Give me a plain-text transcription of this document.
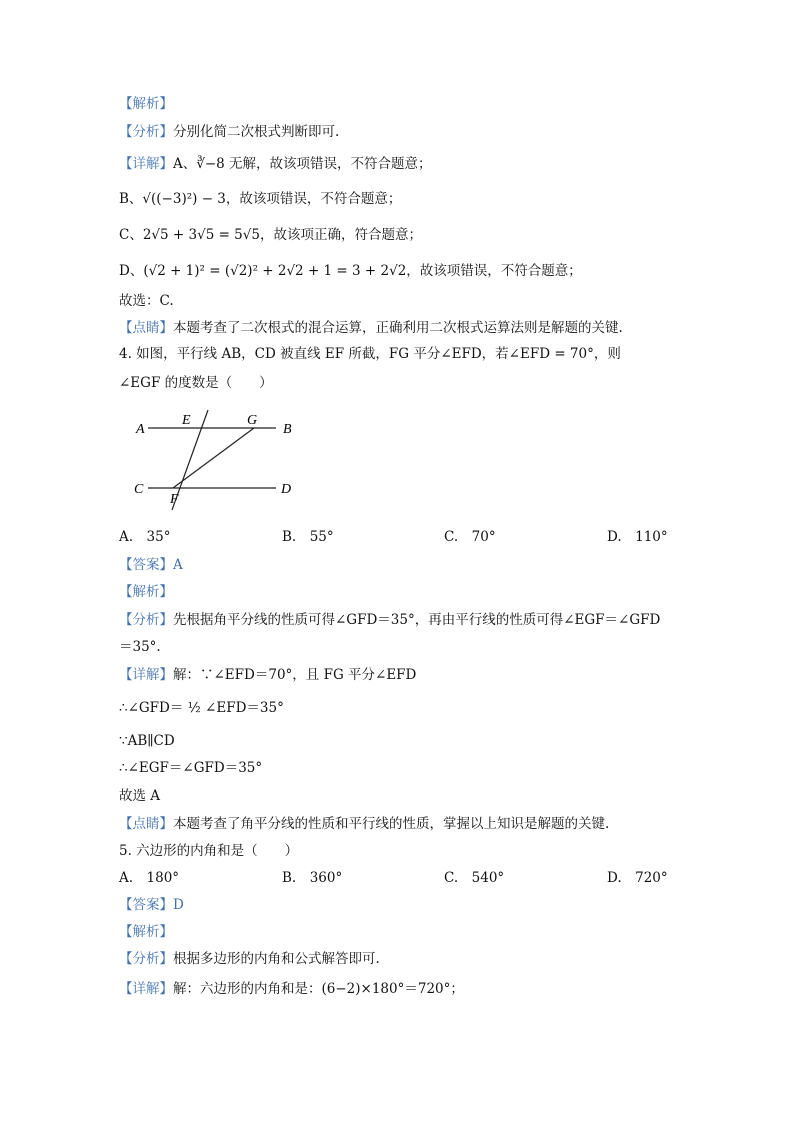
【解析】
【分析】分别化简二次根式判断即可.
【详解】A、∛−8 无解，故该项错误，不符合题意；
B、√((−3)²) − 3，故该项错误，不符合题意；
C、2√5 + 3√5 = 5√5，故该项正确，符合题意；
D、(√2 + 1)² = (√2)² + 2√2 + 1 = 3 + 2√2，故该项错误，不符合题意；
故选：C.
【点睛】本题考查了二次根式的混合运算，正确利用二次根式运算法则是解题的关键.
4. 如图，平行线 AB，CD 被直线 EF 所截，FG 平分∠EFD，若∠EFD = 70°，则
∠EGF 的度数是（　　）
A
E	G
B
C
F
D
A.　35°	B.　55°	C.　70°	D.　110°
【答案】A
【解析】
【分析】先根据角平分线的性质可得∠GFD＝35°，再由平行线的性质可得∠EGF＝∠GFD
＝35°.
【详解】解：∵∠EFD＝70°，且 FG 平分∠EFD
∴∠GFD＝ ½ ∠EFD＝35°
∵AB∥CD
∴∠EGF＝∠GFD＝35°
故选 A
【点睛】本题考查了角平分线的性质和平行线的性质，掌握以上知识是解题的关键.
5. 六边形的内角和是（　　）
A.　180°	B.　360°	C.　540°	D.　720°
【答案】D
【解析】
【分析】根据多边形的内角和公式解答即可.
【详解】解：六边形的内角和是：(6−2)×180°＝720°；
